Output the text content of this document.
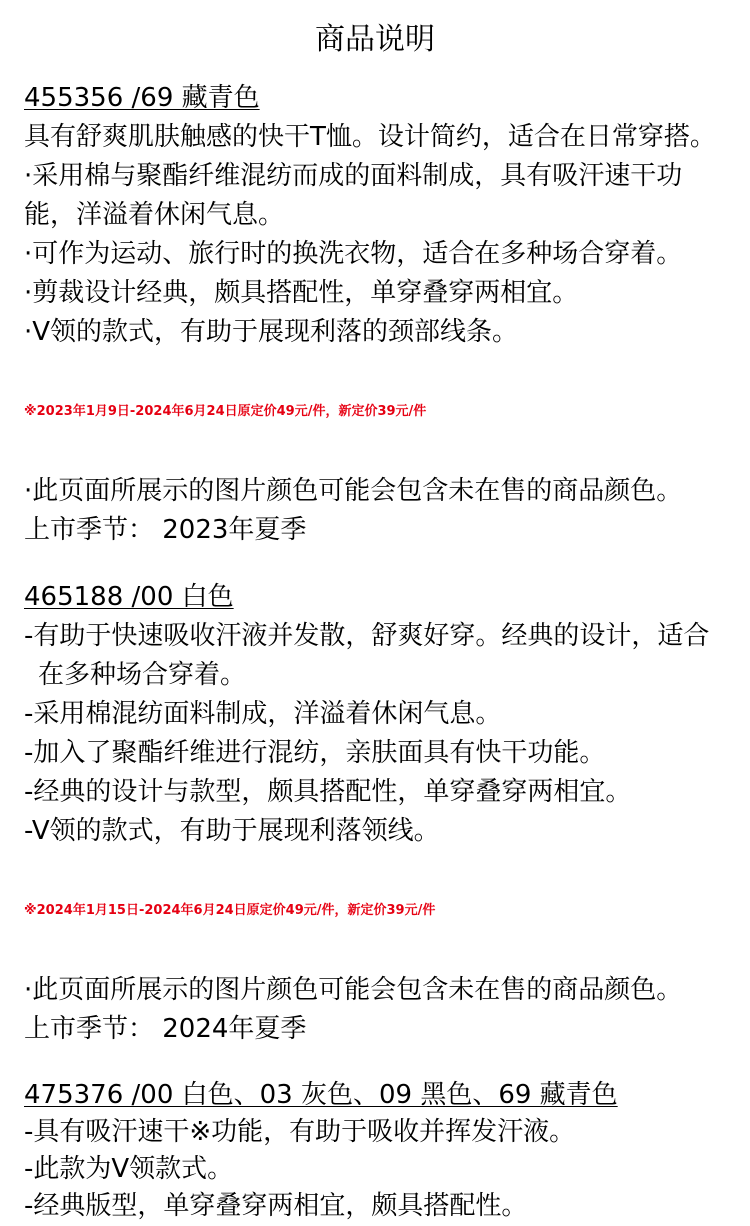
商品说明
455356 /69 藏青色
具有舒爽肌肤触感的快干T恤。设计简约，适合在日常穿搭。
·采用棉与聚酯纤维混纺而成的面料制成，具有吸汗速干功
能，洋溢着休闲气息。
·可作为运动、旅行时的换洗衣物，适合在多种场合穿着。
·剪裁设计经典，颇具搭配性，单穿叠穿两相宜。
·V领的款式，有助于展现利落的颈部线条。
※2023年1月9日-2024年6月24日原定价49元/件，新定价39元/件
·此页面所展示的图片颜色可能会包含未在售的商品颜色。
上市季节： 2023年夏季
465188 /00 白色
-有助于快速吸收汗液并发散，舒爽好穿。经典的设计，适合
在多种场合穿着。
-采用棉混纺面料制成，洋溢着休闲气息。
-加入了聚酯纤维进行混纺，亲肤面具有快干功能。
-经典的设计与款型，颇具搭配性，单穿叠穿两相宜。
-V领的款式，有助于展现利落领线。
※2024年1月15日-2024年6月24日原定价49元/件，新定价39元/件
·此页面所展示的图片颜色可能会包含未在售的商品颜色。
上市季节： 2024年夏季
475376 /00 白色、03 灰色、09 黑色、69 藏青色
-具有吸汗速干※功能，有助于吸收并挥发汗液。
-此款为V领款式。
-经典版型，单穿叠穿两相宜，颇具搭配性。
